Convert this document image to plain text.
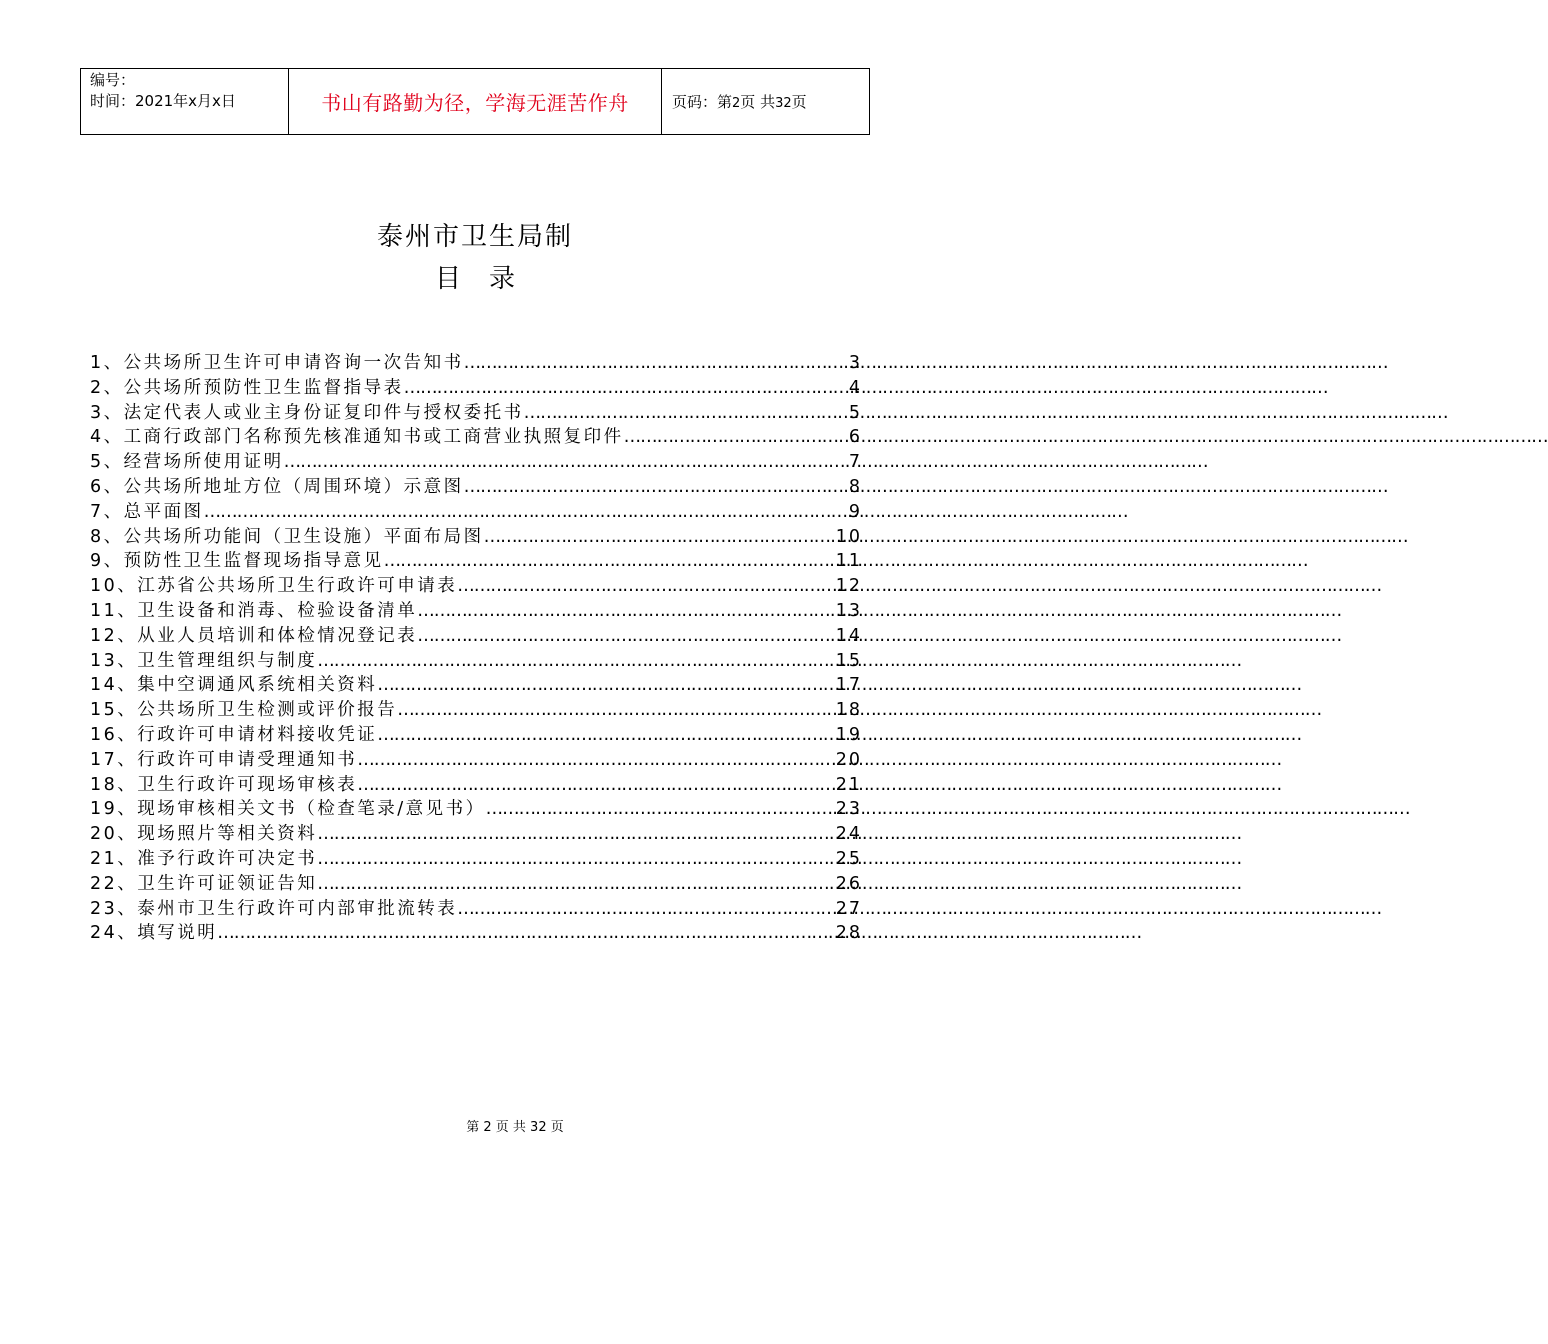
编号：
时间：2021年x月x日	书山有路勤为径，学海无涯苦作舟	页码：第2页 共32页
泰州市卫生局制
目录
1、公共场所卫生许可申请咨询一次告知书 ……………………………………………………………………………………………………………………………………………………	3
2、公共场所预防性卫生监督指导表 ……………………………………………………………………………………………………………………………………………………	4
3、法定代表人或业主身份证复印件与授权委托书 ……………………………………………………………………………………………………………………………………………………	5
4、工商行政部门名称预先核准通知书或工商营业执照复印件 ……………………………………………………………………………………………………………………………………………………	6
5、经营场所使用证明 ……………………………………………………………………………………………………………………………………………………	7
6、公共场所地址方位（周围环境）示意图 ……………………………………………………………………………………………………………………………………………………	8
7、总平面图 ……………………………………………………………………………………………………………………………………………………	9
8、公共场所功能间（卫生设施）平面布局图 ……………………………………………………………………………………………………………………………………………………	10
9、预防性卫生监督现场指导意见 ……………………………………………………………………………………………………………………………………………………	11
10、江苏省公共场所卫生行政许可申请表 ……………………………………………………………………………………………………………………………………………………	12
11、卫生设备和消毒、检验设备清单 ……………………………………………………………………………………………………………………………………………………	13
12、从业人员培训和体检情况登记表 ……………………………………………………………………………………………………………………………………………………	14
13、卫生管理组织与制度 ……………………………………………………………………………………………………………………………………………………	15
14、集中空调通风系统相关资料 ……………………………………………………………………………………………………………………………………………………	17
15、公共场所卫生检测或评价报告 ……………………………………………………………………………………………………………………………………………………	18
16、行政许可申请材料接收凭证 ……………………………………………………………………………………………………………………………………………………	19
17、行政许可申请受理通知书 ……………………………………………………………………………………………………………………………………………………	20
18、卫生行政许可现场审核表 ……………………………………………………………………………………………………………………………………………………	21
19、现场审核相关文书（检查笔录/意见书） ……………………………………………………………………………………………………………………………………………………	23
20、现场照片等相关资料 ……………………………………………………………………………………………………………………………………………………	24
21、准予行政许可决定书 ……………………………………………………………………………………………………………………………………………………	25
22、卫生许可证领证告知 ……………………………………………………………………………………………………………………………………………………	26
23、泰州市卫生行政许可内部审批流转表 ……………………………………………………………………………………………………………………………………………………	27
24、填写说明 ……………………………………………………………………………………………………………………………………………………	28
第 2 页 共 32 页
